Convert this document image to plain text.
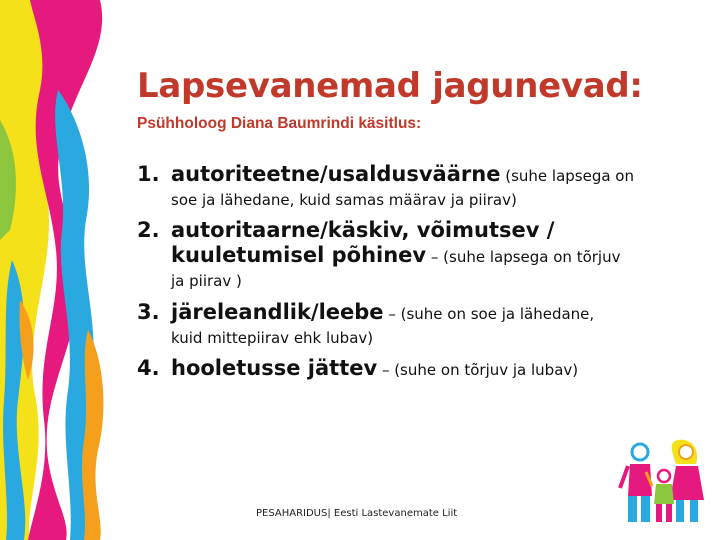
Lapsevanemad jagunevad:
Psühholoog Diana Baumrindi käsitlus:
1. autoriteetne/usaldusväärne (suhe lapsega on
soe ja lähedane, kuid samas määrav ja piirav)
2. autoritaarne/käskiv, võimutsev /
kuuletumisel põhinev – (suhe lapsega on tõrjuv
ja piirav )
3. järeleandlik/leebe – (suhe on soe ja lähedane,
kuid mittepiirav ehk lubav)
4. hooletusse jättev – (suhe on tõrjuv ja lubav)
PESAHARIDUS| Eesti Lastevanemate Liit
